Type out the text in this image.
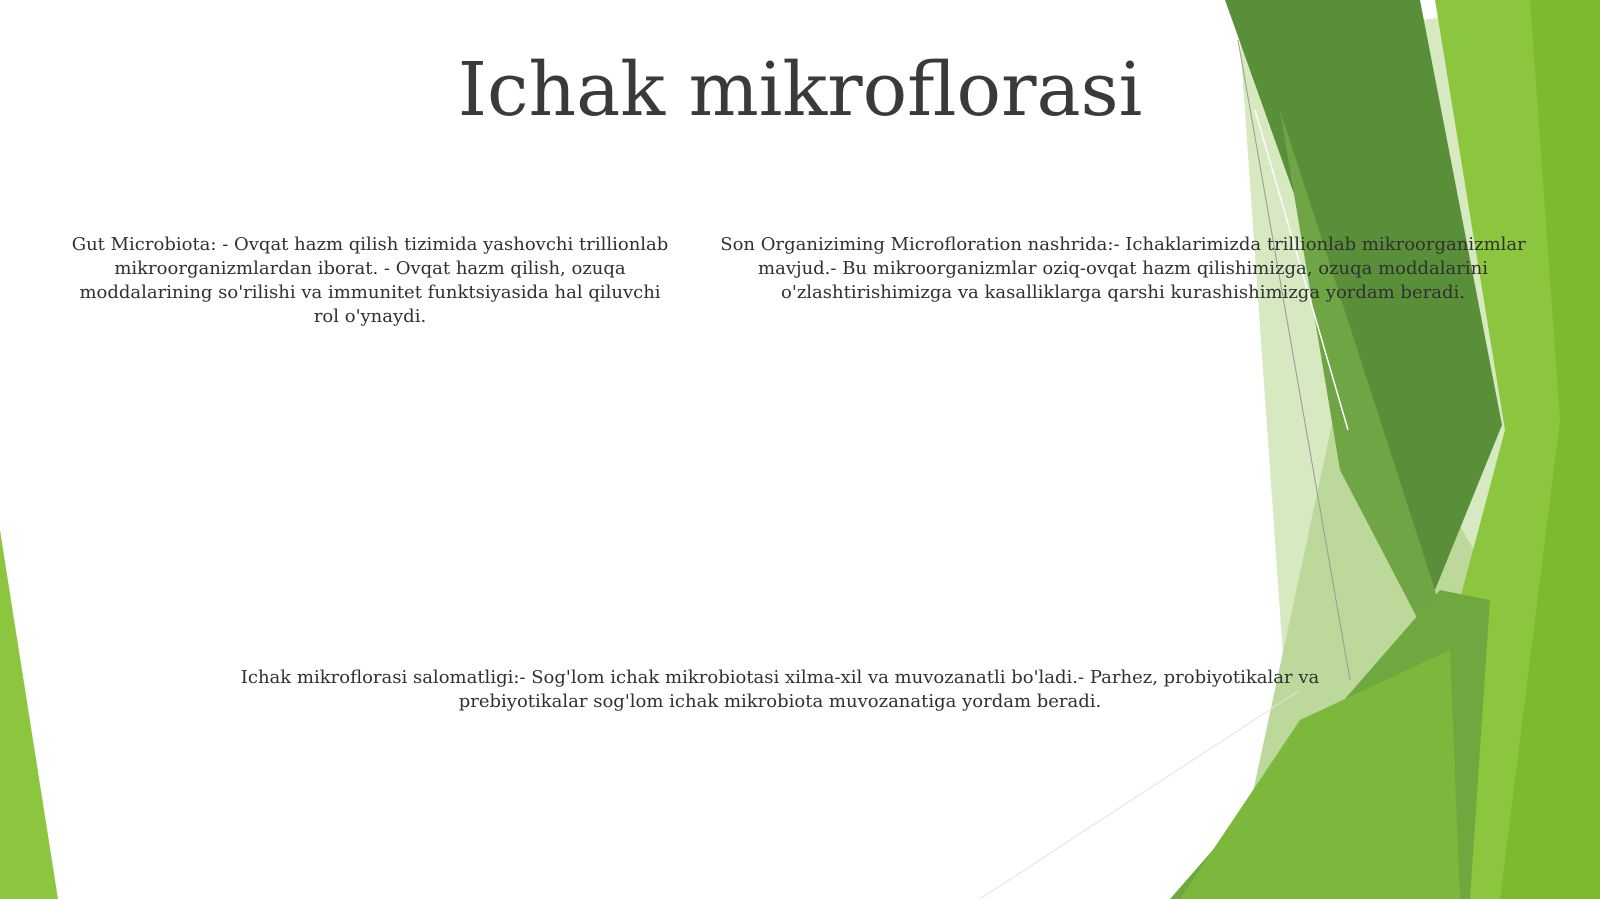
Ichak mikroflorasi

Gut Microbiota: - Ovqat hazm qilish tizimida yashovchi trillionlab mikroorganizmlardan iborat. - Ovqat hazm qilish, ozuqa moddalarining so'rilishi va immunitet funktsiyasida hal qiluvchi rol o'ynaydi.

Son Organiziming Microfloration nashrida:- Ichaklarimizda trillionlab mikroorganizmlar mavjud.- Bu mikroorganizmlar oziq-ovqat hazm qilishimizga, ozuqa moddalarini o'zlashtirishimizga va kasalliklarga qarshi kurashishimizga yordam beradi.

Ichak mikroflorasi salomatligi:- Sog'lom ichak mikrobiotasi xilma-xil va muvozanatli bo'ladi.- Parhez, probiyotikalar va prebiyotikalar sog'lom ichak mikrobiota muvozanatiga yordam beradi.
